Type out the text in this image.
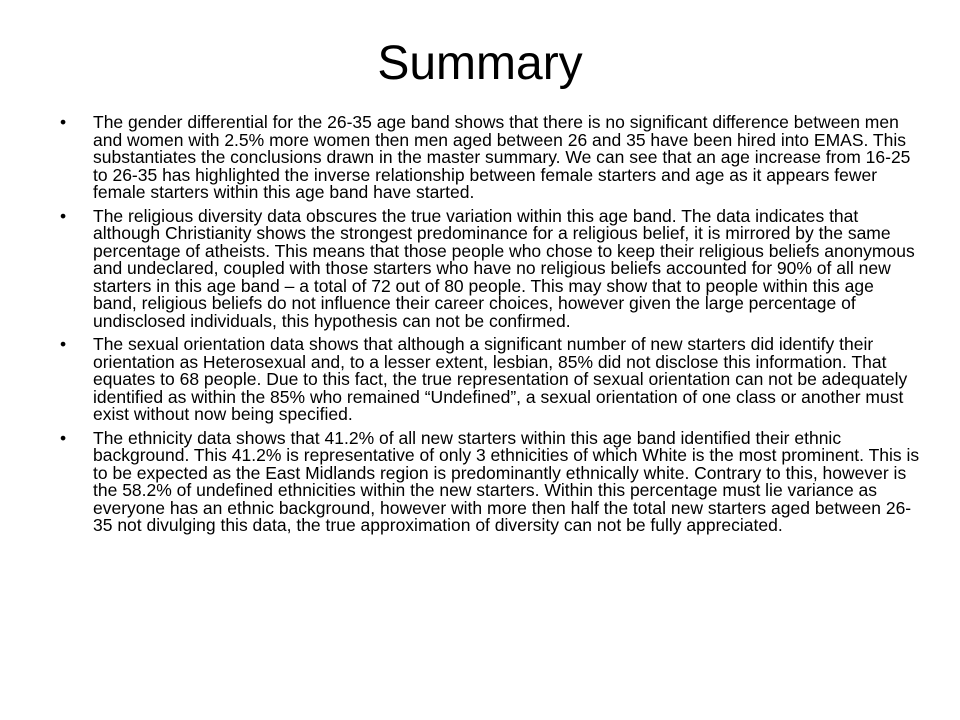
Summary
•	The gender differential for the 26-35 age band shows that there is no significant difference between men and women with 2.5% more women then men aged between 26 and 35 have been hired into EMAS. This substantiates the conclusions drawn in the master summary. We can see that an age increase from 16-25 to 26-35 has highlighted the inverse relationship between female starters and age as it appears fewer female starters within this age band have started.
•	The religious diversity data obscures the true variation within this age band. The data indicates that although Christianity shows the strongest predominance for a religious belief, it is mirrored by the same percentage of atheists. This means that those people who chose to keep their religious beliefs anonymous and undeclared, coupled with those starters who have no religious beliefs accounted for 90% of all new starters in this age band – a total of 72 out of 80 people. This may show that to people within this age band, religious beliefs do not influence their career choices, however given the large percentage of undisclosed individuals, this hypothesis can not be confirmed.
•	The sexual orientation data shows that although a significant number of new starters did identify their orientation as Heterosexual and, to a lesser extent, lesbian, 85% did not disclose this information. That equates to 68 people. Due to this fact, the true representation of sexual orientation can not be adequately identified as within the 85% who remained “Undefined”, a sexual orientation of one class or another must exist without now being specified.
•	The ethnicity data shows that 41.2% of all new starters within this age band identified their ethnic background. This 41.2% is representative of only 3 ethnicities of which White is the most prominent. This is to be expected as the East Midlands region is predominantly ethnically white. Contrary to this, however is the 58.2% of undefined ethnicities within the new starters. Within this percentage must lie variance as everyone has an ethnic background, however with more then half the total new starters aged between 26-35 not divulging this data, the true approximation of diversity can not be fully appreciated.
